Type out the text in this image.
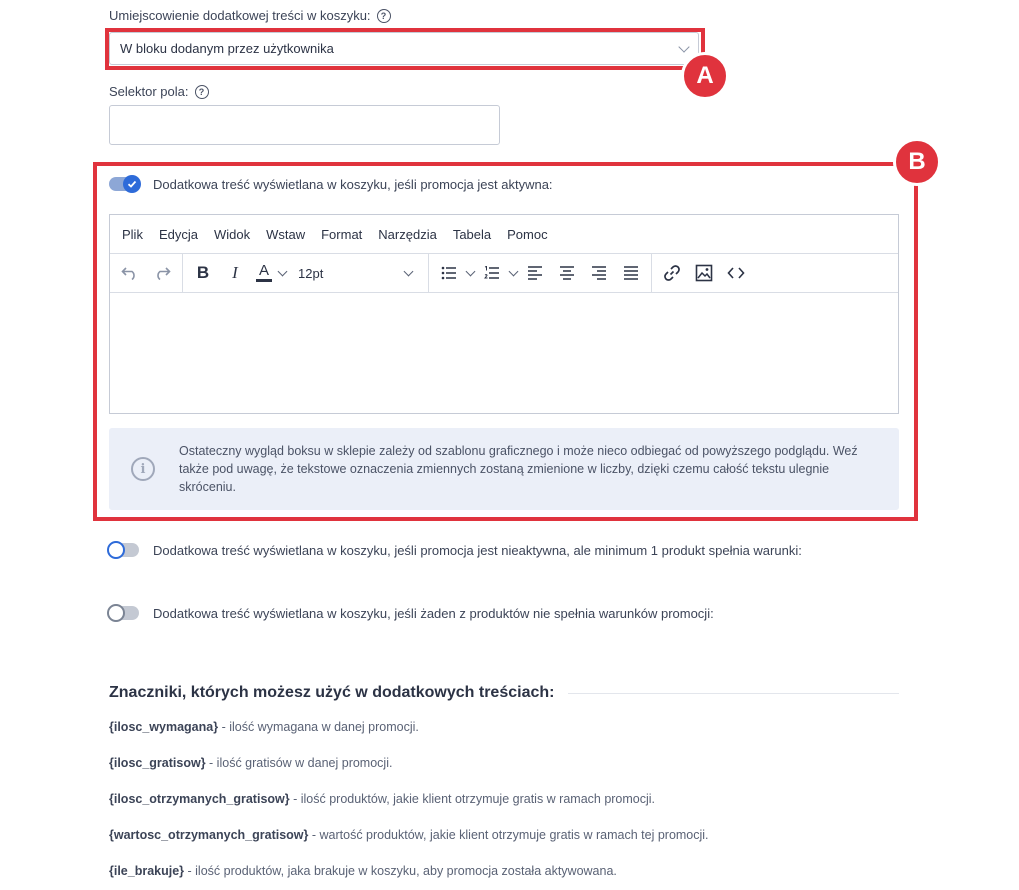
Umiejscowienie dodatkowej treści w koszyku:	?
W bloku dodanym przez użytkownika
A
Selektor pola:	?
B
Dodatkowa treść wyświetlana w koszyku, jeśli promocja jest aktywna:
Plik	Edycja	Widok	Wstaw	Format	Narzędzia	Tabela	Pomoc
B	I	A 12pt
i
Ostateczny wygląd boksu w sklepie zależy od szablonu graficznego i może nieco odbiegać od powyższego podglądu. Weź także pod uwagę, że tekstowe oznaczenia zmiennych zostaną zmienione w liczby, dzięki czemu całość tekstu ulegnie skróceniu.
Dodatkowa treść wyświetlana w koszyku, jeśli promocja jest nieaktywna, ale minimum 1 produkt spełnia warunki:
Dodatkowa treść wyświetlana w koszyku, jeśli żaden z produktów nie spełnia warunków promocji:
Znaczniki, których możesz użyć w dodatkowych treściach:
{ilosc_wymagana} - ilość wymagana w danej promocji.
{ilosc_gratisow} - ilość gratisów w danej promocji.
{ilosc_otrzymanych_gratisow} - ilość produktów, jakie klient otrzymuje gratis w ramach promocji.
{wartosc_otrzymanych_gratisow} - wartość produktów, jakie klient otrzymuje gratis w ramach tej promocji.
{ile_brakuje} - ilość produktów, jaka brakuje w koszyku, aby promocja została aktywowana.
